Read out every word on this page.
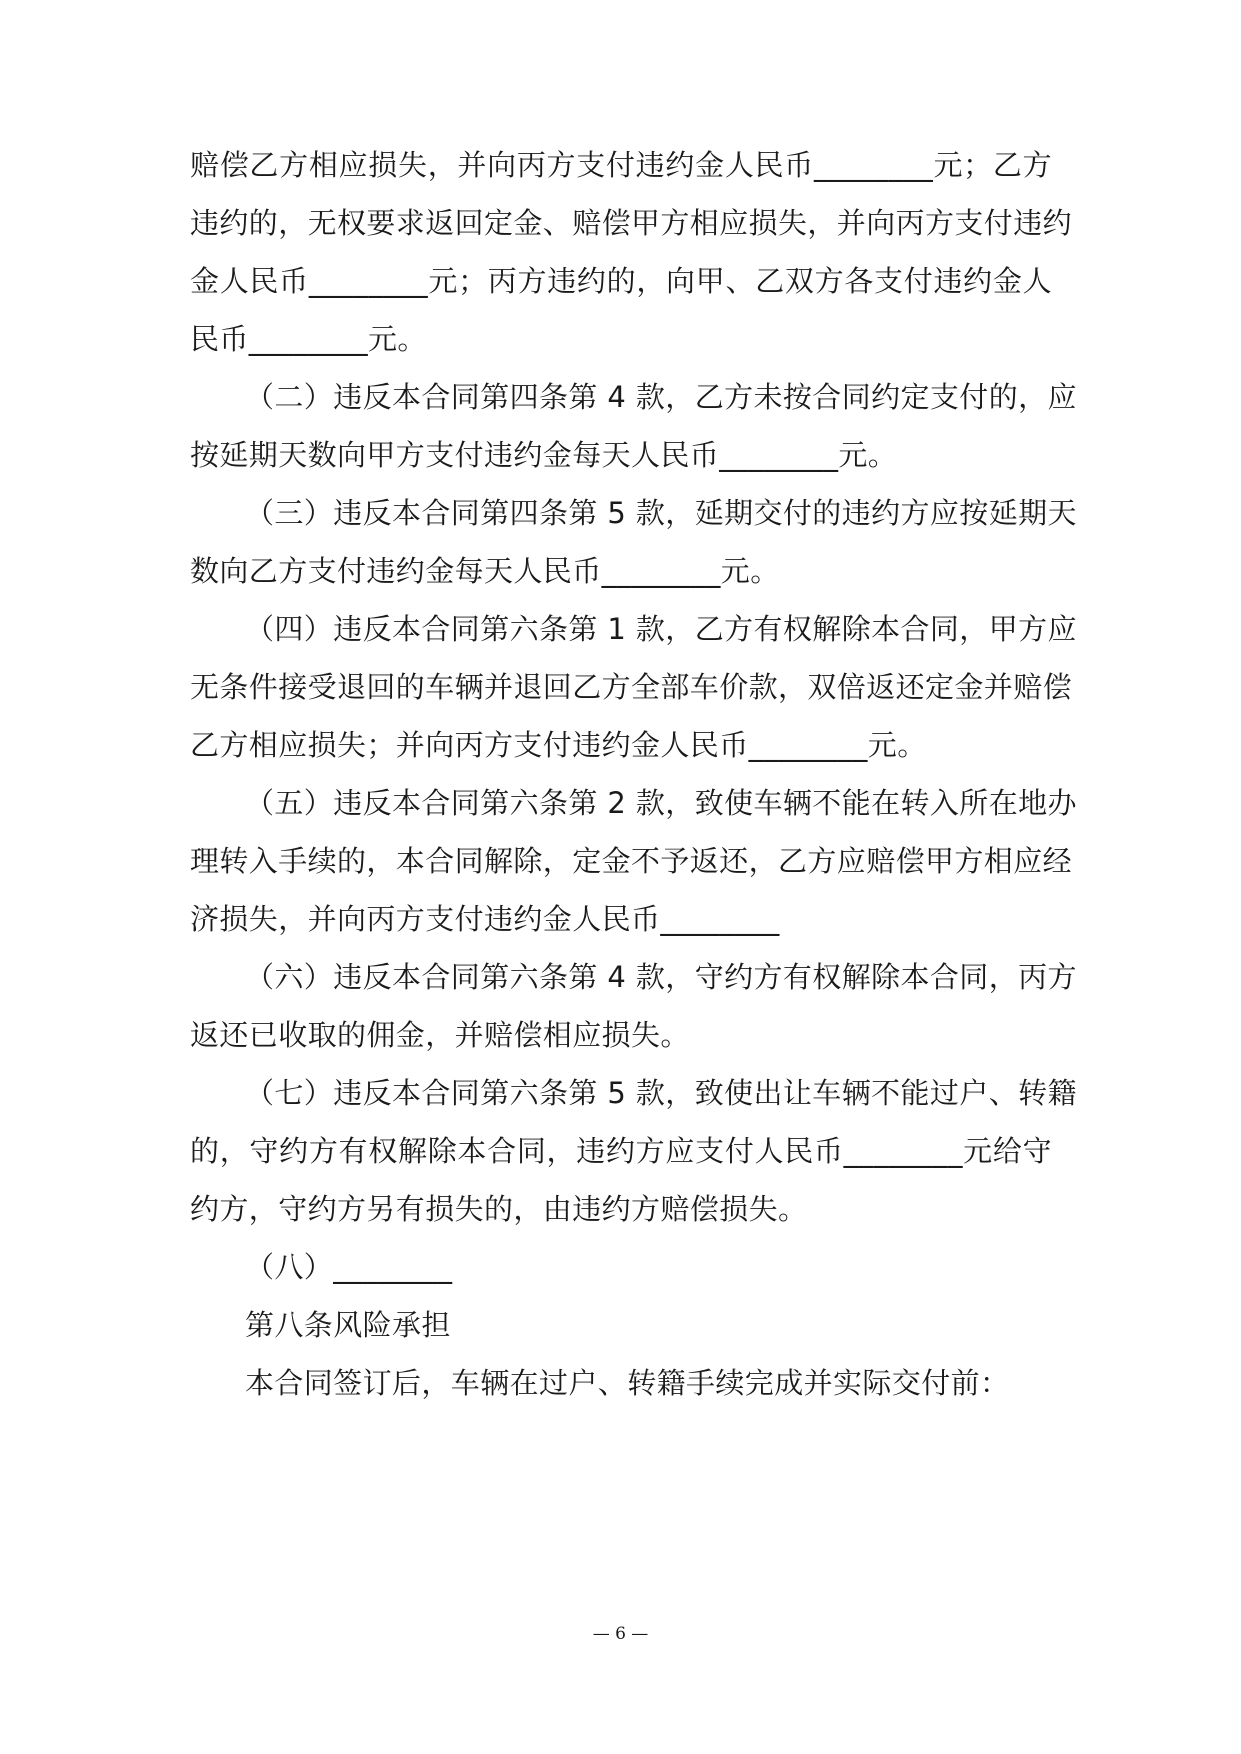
赔偿乙方相应损失，并向丙方支付违约金人民币________元；乙方
违约的，无权要求返回定金、赔偿甲方相应损失，并向丙方支付违约
金人民币________元；丙方违约的，向甲、乙双方各支付违约金人
民币________元。
（二）违反本合同第四条第 4 款，乙方未按合同约定支付的，应
按延期天数向甲方支付违约金每天人民币________元。
（三）违反本合同第四条第 5 款，延期交付的违约方应按延期天
数向乙方支付违约金每天人民币________元。
（四）违反本合同第六条第 1 款，乙方有权解除本合同，甲方应
无条件接受退回的车辆并退回乙方全部车价款，双倍返还定金并赔偿
乙方相应损失；并向丙方支付违约金人民币________元。
（五）违反本合同第六条第 2 款，致使车辆不能在转入所在地办
理转入手续的，本合同解除，定金不予返还，乙方应赔偿甲方相应经
济损失，并向丙方支付违约金人民币________
（六）违反本合同第六条第 4 款，守约方有权解除本合同，丙方
返还已收取的佣金，并赔偿相应损失。
（七）违反本合同第六条第 5 款，致使出让车辆不能过户、转籍
的，守约方有权解除本合同，违约方应支付人民币________元给守
约方，守约方另有损失的，由违约方赔偿损失。
（八）________
第八条风险承担
本合同签订后，车辆在过户、转籍手续完成并实际交付前：
— 6 —
